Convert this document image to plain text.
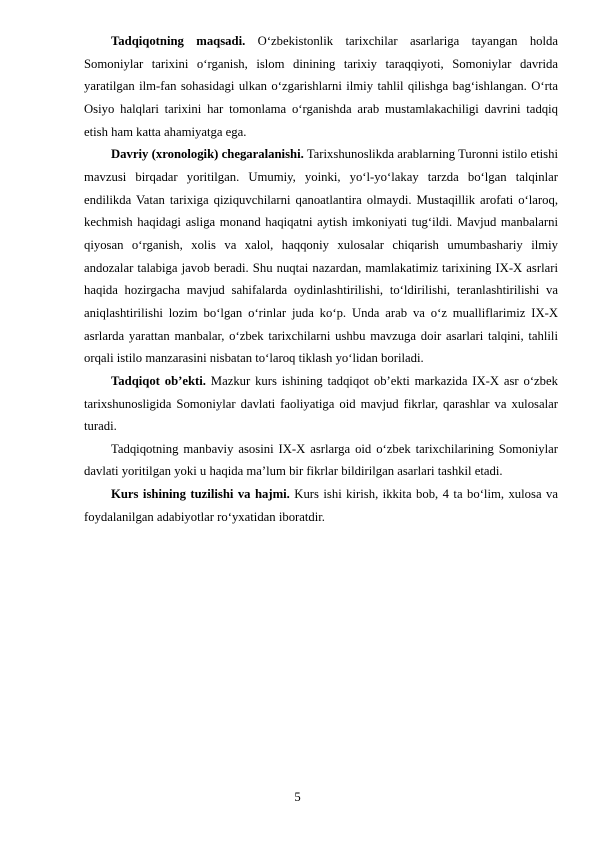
Tadqiqotning maqsadi. O‘zbekistonlik tarixchilar asarlariga tayangan holda Somoniylar tarixini o‘rganish, islom dinining tarixiy taraqqiyoti, Somoniylar davrida yaratilgan ilm-fan sohasidagi ulkan o‘zgarishlarni ilmiy tahlil qilishga bag‘ishlangan. O‘rta Osiyo halqlari tarixini har tomonlama o‘rganishda arab mustamlakachiligi davrini tadqiq etish ham katta ahamiyatga ega.

Davriy (xronologik) chegaralanishi. Tarixshunoslikda arablarning Turonni istilo etishi mavzusi birqadar yoritilgan. Umumiy, yoinki, yo‘l-yo‘lakay tarzda bo‘lgan talqinlar endilikda Vatan tarixiga qiziquvchilarni qanoatlantira olmaydi. Mustaqillik arofati o‘laroq, kechmish haqidagi asliga monand haqiqatni aytish imkoniyati tug‘ildi. Mavjud manbalarni qiyosan o‘rganish, xolis va xalol, haqqoniy xulosalar chiqarish umumbashariy ilmiy andozalar talabiga javob beradi. Shu nuqtai nazardan, mamlakatimiz tarixining IX-X asrlari haqida hozirgacha mavjud sahifalarda oydinlashtirilishi, to‘ldirilishi, teranlashtirilishi va aniqlashtirilishi lozim bo‘lgan o‘rinlar juda ko‘p. Unda arab va o‘z mualliflarimiz IX-X asrlarda yarattan manbalar, o‘zbek tarixchilarni ushbu mavzuga doir asarlari talqini, tahlili orqali istilo manzarasini nisbatan to‘laroq tiklash yo‘lidan boriladi.

Tadqiqot ob’ekti. Mazkur kurs ishining tadqiqot ob’ekti markazida IX-X asr o‘zbek tarixshunosligida Somoniylar davlati faoliyatiga oid mavjud fikrlar, qarashlar va xulosalar turadi.

Tadqiqotning manbaviy asosini IX-X asrlarga oid o‘zbek tarixchilarining Somoniylar davlati yoritilgan yoki u haqida ma’lum bir fikrlar bildirilgan asarlari tashkil etadi.

Kurs ishining tuzilishi va hajmi. Kurs ishi kirish, ikkita bob, 4 ta bo‘lim, xulosa va foydalanilgan adabiyotlar ro‘yxatidan iboratdir.

5
